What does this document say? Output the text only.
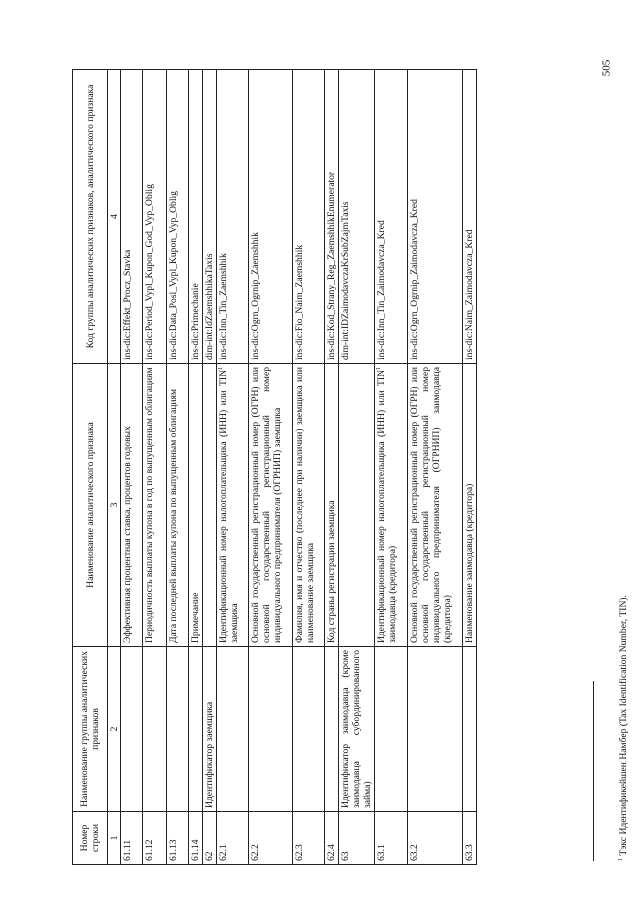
505
Номер строки	Наименование группы аналитических признаков	Наименование аналитического признака	Код группы аналитических признаков, аналитического признака
1	2	3	4
61.11		Эффективная процентная ставка, процентов годовых	ins-dic:Effekt_Procz_Stavka
61.12		Периодичность выплаты купона в год по выпущенным облигациям	ins-dic:Period_Vypl_Kupon_God_Vyp_Oblig
61.13		Дата последней выплаты купона по выпущенным облигациям	ins-dic:Data_Posl_Vypl_Kupon_Vyp_Oblig
61.14		Примечание	ins-dic:Primechanie
62	Идентификатор заемщика		dim-int:IdZaemshhikaTaxis
62.1		Идентификационный номер налогоплательщика (ИНН) или TIN$^1$ заемщика	ins-dic:Inn_Tin_Zaemshhik
62.2		Основной государственный регистрационный номер (ОГРН) или основной государственный регистрационный номер индивидуального предпринимателя (ОГРНИП) заемщика	ins-dic:Ogrn_Ogrnip_Zaemshhik
62.3		Фамилия, имя и отчество (последнее при наличии) заемщика или наименование заемщика	ins-dic:Fio_Naim_Zaemshhik
62.4		Код страны регистрации заемщика	ins-dic:Kod_Strany_Reg_ZaemshhikEnumerator
63	Идентификатор заимодавца (кроме заимодавца субординированного займа)		dim-int:IDZaimodavczaKrSubZajmTaxis
63.1		Идентификационный номер налогоплательщика (ИНН) или TIN$^1$ заимодавца (кредитора)	ins-dic:Inn_Tin_Zaimodavcza_Kred
63.2		Основной государственный регистрационный номер (ОГРН) или основной государственный регистрационный номер индивидуального предпринимателя (ОГРНИП) заимодавца (кредитора)	ins-dic:Ogrn_Ogrnip_Zaimodavcza_Kred
63.3		Наименование заимодавца (кредитора)	ins-dic:Naim_Zaimodavcza_Kred
$^1$ Тэкс Идентификейшен Намбер (Tax Identification Number, TIN).
